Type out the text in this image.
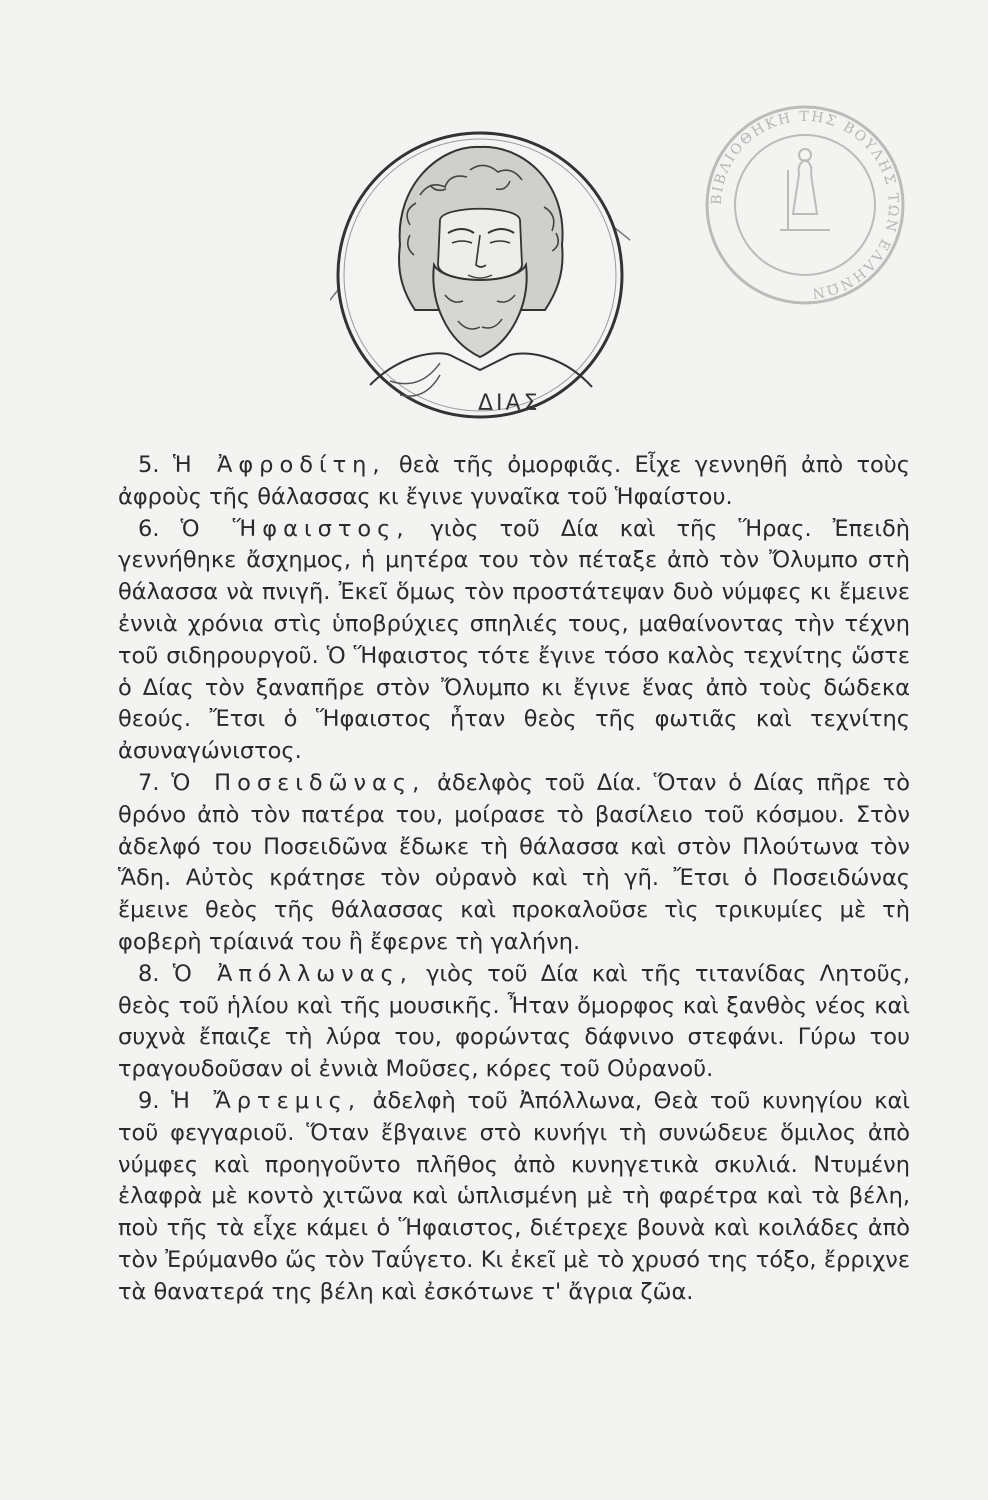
ΒΙΒΛΙΟΘΗΚΗ ΤΗΣ ΒΟΥΛΗΣ ΤΩΝ ΕΛΛΗΝΩΝ
ΔΙΑΣ

5. Ἡ Ἀφροδίτη, θεὰ τῆς ὀμορφιᾶς. Εἶχε γεννηθῆ ἀπὸ τοὺς ἀφροὺς τῆς θάλασσας κι ἔγινε γυναῖκα τοῦ Ἡφαίστου.

6. Ὁ Ἥφαιστος, γιὸς τοῦ Δία καὶ τῆς Ἥρας. Ἐπειδὴ γεννήθηκε ἄσχημος, ἡ μητέρα του τὸν πέταξε ἀπὸ τὸν Ὄλυμπο στὴ θάλασσα νὰ πνιγῆ. Ἐκεῖ ὅμως τὸν προστάτεψαν δυὸ νύμφες κι ἔμεινε ἐννιὰ χρόνια στὶς ὑποβρύχιες σπηλιές τους, μαθαίνοντας τὴν τέχνη τοῦ σιδηρουργοῦ. Ὁ Ἥφαιστος τότε ἔγινε τόσο καλὸς τεχνίτης ὥστε ὁ Δίας τὸν ξαναπῆρε στὸν Ὄλυμπο κι ἔγινε ἕνας ἀπὸ τοὺς δώδεκα θεούς. Ἔτσι ὁ Ἥφαιστος ἦταν θεὸς τῆς φωτιᾶς καὶ τεχνίτης ἀσυναγώνιστος.

7. Ὁ Ποσειδῶνας, ἀδελφὸς τοῦ Δία. Ὅταν ὁ Δίας πῆρε τὸ θρόνο ἀπὸ τὸν πατέρα του, μοίρασε τὸ βασίλειο τοῦ κόσμου. Στὸν ἀδελφό του Ποσειδῶνα ἔδωκε τὴ θάλασσα καὶ στὸν Πλούτωνα τὸν Ἅδη. Αὐτὸς κράτησε τὸν οὐρανὸ καὶ τὴ γῆ. Ἔτσι ὁ Ποσειδώνας ἔμεινε θεὸς τῆς θάλασσας καὶ προκαλοῦσε τὶς τρικυμίες μὲ τὴ φοβερὴ τρίαινά του ἢ ἔφερνε τὴ γαλήνη.

8. Ὁ Ἀπόλλωνας, γιὸς τοῦ Δία καὶ τῆς τιτανίδας Λητοῦς, θεὸς τοῦ ἡλίου καὶ τῆς μουσικῆς. Ἦταν ὄμορφος καὶ ξανθὸς νέος καὶ συχνὰ ἔπαιζε τὴ λύρα του, φορώντας δάφνινο στεφάνι. Γύρω του τραγουδοῦσαν οἱ ἐννιὰ Μοῦσες, κόρες τοῦ Οὐρανοῦ.

9. Ἡ Ἄρτεμις, ἀδελφὴ τοῦ Ἀπόλλωνα, Θεὰ τοῦ κυνηγίου καὶ τοῦ φεγγαριοῦ. Ὅταν ἔβγαινε στὸ κυνήγι τὴ συνώδευε ὅμιλος ἀπὸ νύμφες καὶ προηγοῦντο πλῆθος ἀπὸ κυνηγετικὰ σκυλιά. Ντυμένη ἐλαφρὰ μὲ κοντὸ χιτῶνα καὶ ὡπλισμένη μὲ τὴ φαρέτρα καὶ τὰ βέλη, ποὺ τῆς τὰ εἶχε κάμει ὁ Ἥφαιστος, διέτρεχε βουνὰ καὶ κοιλάδες ἀπὸ τὸν Ἐρύμανθο ὥς τὸν Ταΰγετο. Κι ἐκεῖ μὲ τὸ χρυσό της τόξο, ἔρριχνε τὰ θανατερά της βέλη καὶ ἐσκότωνε τ' ἄγρια ζῶα.
